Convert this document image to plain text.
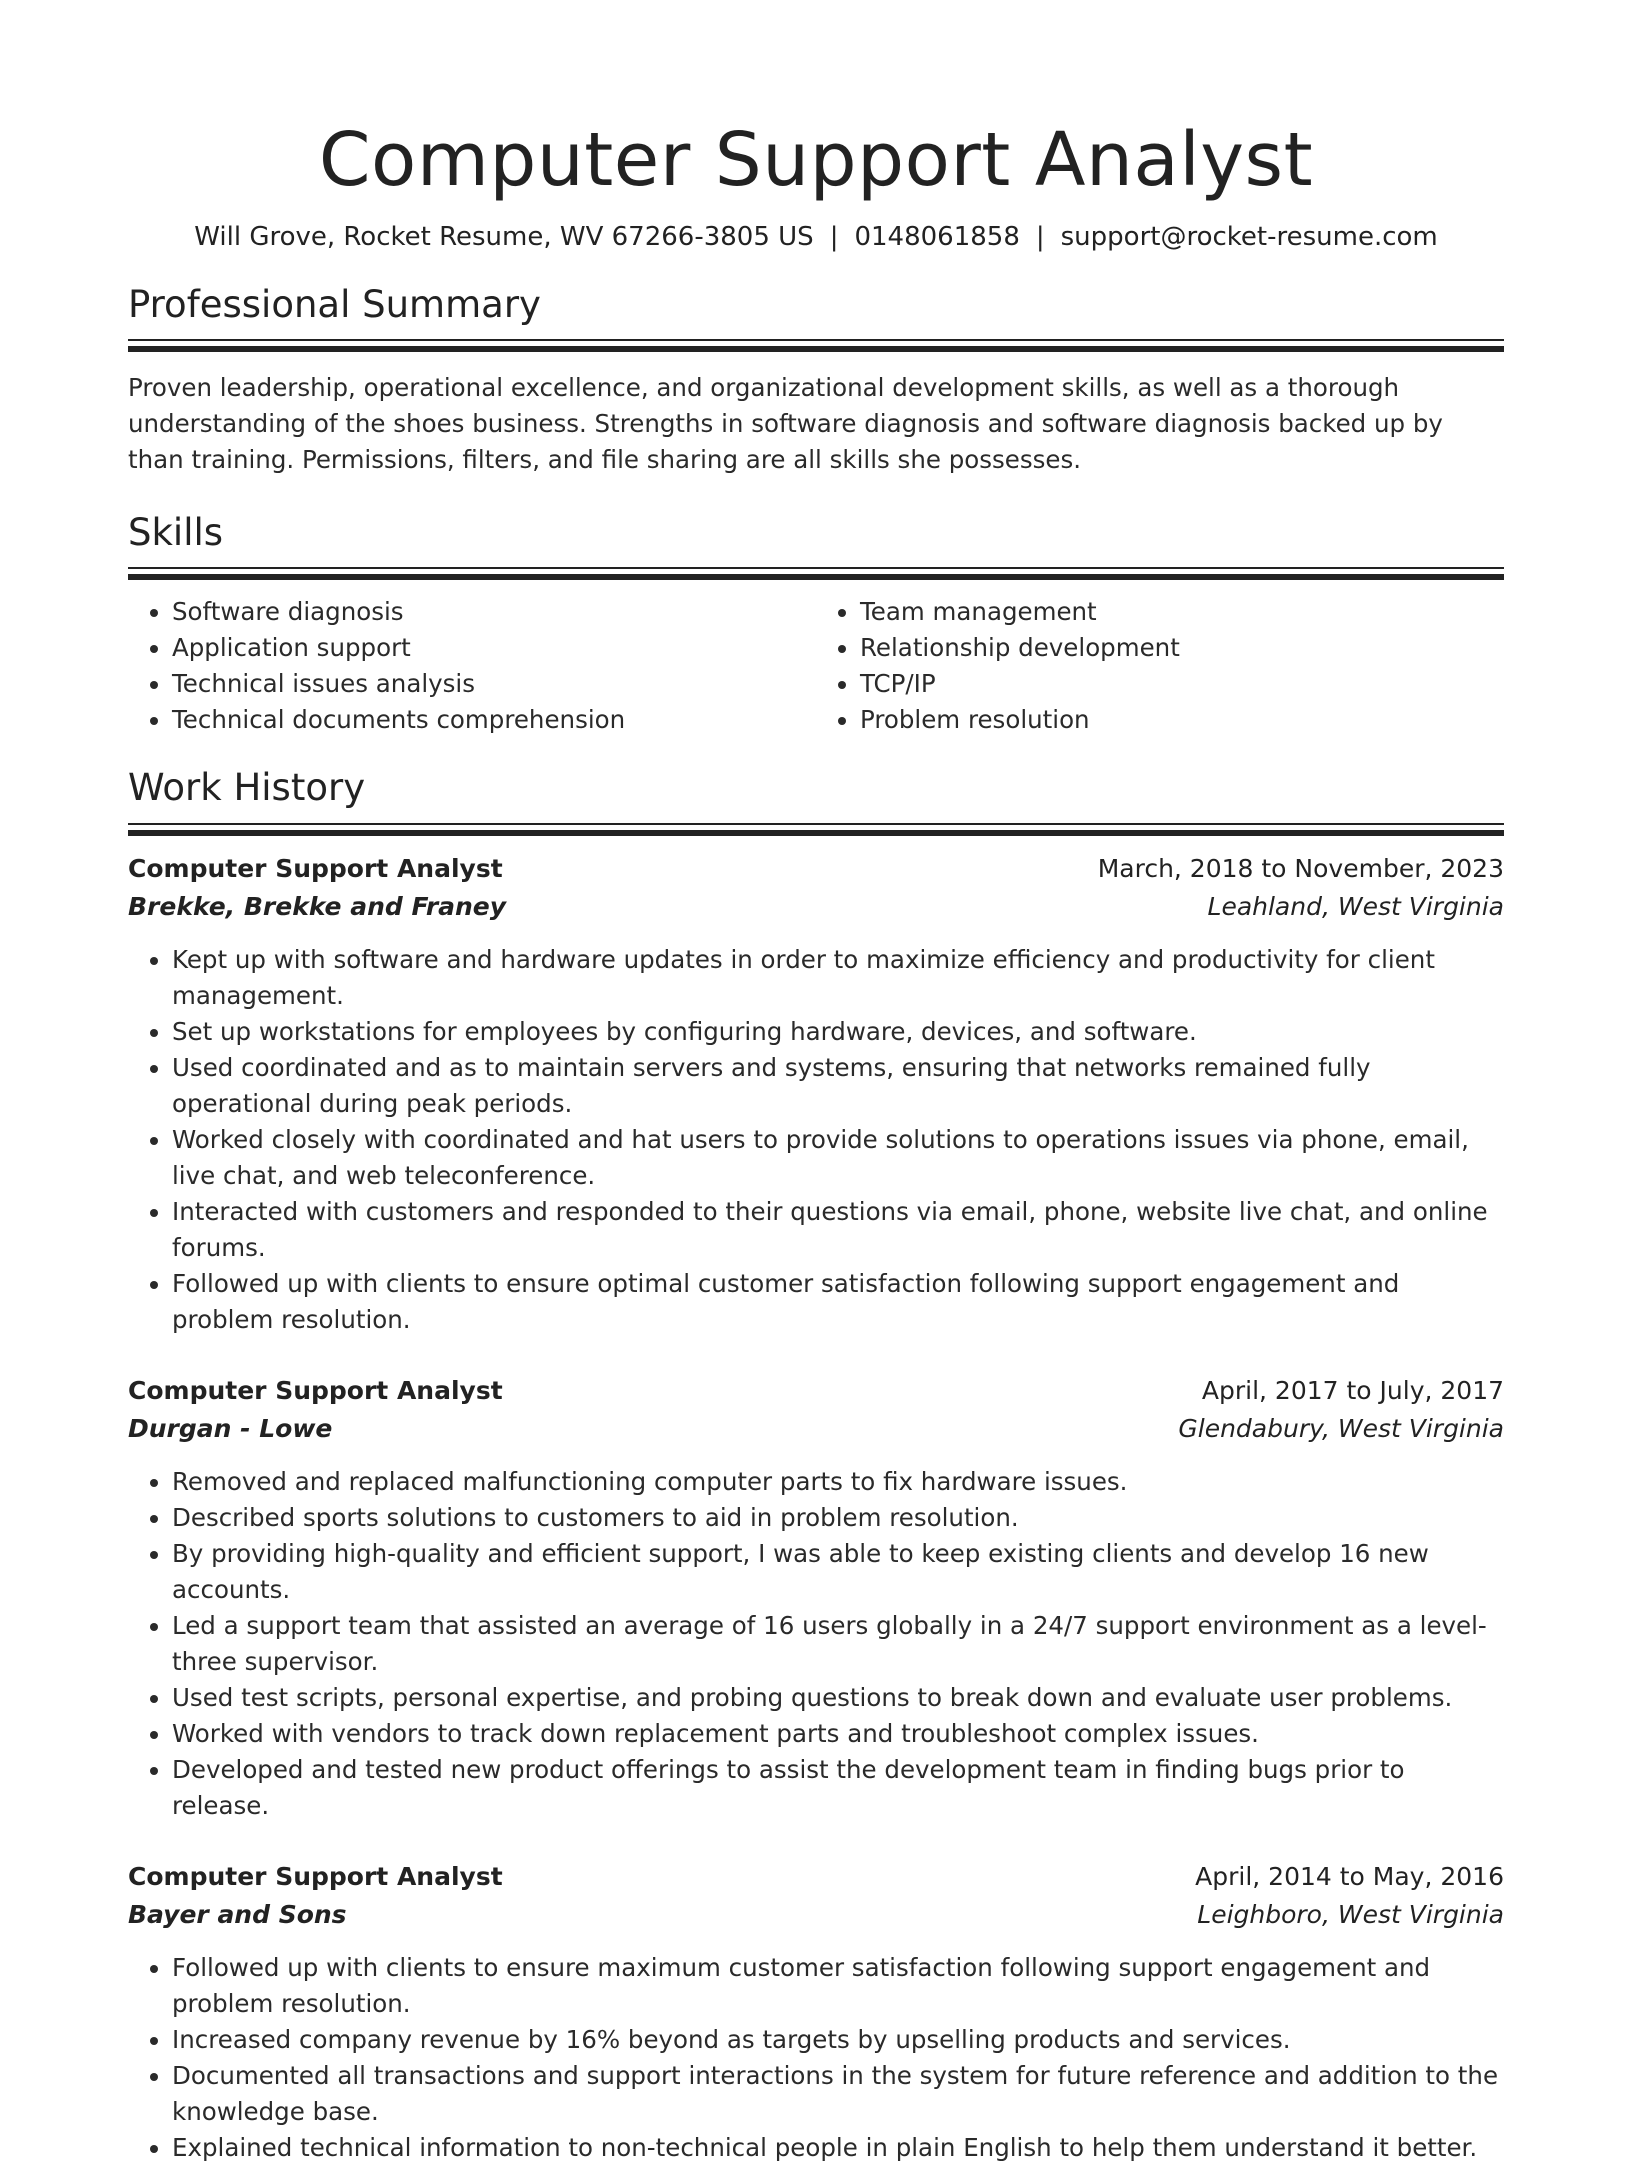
Computer Support Analyst
Will Grove, Rocket Resume, WV 67266-3805 US | 0148061858 | support@rocket-resume.com
Professional Summary

Proven leadership, operational excellence, and organizational development skills, as well as a thorough understanding of the shoes business. Strengths in software diagnosis and software diagnosis backed up by than training. Permissions, filters, and file sharing are all skills she possesses.

Skills
• Software diagnosis
• Application support
• Technical issues analysis
• Technical documents comprehension
• Team management
• Relationship development
• TCP/IP
• Problem resolution
Work History
Computer Support Analyst	March, 2018 to November, 2023
Brekke, Brekke and Franey	Leahland, West Virginia
• Kept up with software and hardware updates in order to maximize efficiency and productivity for client management.
• Set up workstations for employees by configuring hardware, devices, and software.
• Used coordinated and as to maintain servers and systems, ensuring that networks remained fully operational during peak periods.
• Worked closely with coordinated and hat users to provide solutions to operations issues via phone, email, live chat, and web teleconference.
• Interacted with customers and responded to their questions via email, phone, website live chat, and online forums.
• Followed up with clients to ensure optimal customer satisfaction following support engagement and problem resolution.
Computer Support Analyst	April, 2017 to July, 2017
Durgan - Lowe	Glendabury, West Virginia
• Removed and replaced malfunctioning computer parts to fix hardware issues.
• Described sports solutions to customers to aid in problem resolution.
• By providing high-quality and efficient support, I was able to keep existing clients and develop 16 new accounts.
• Led a support team that assisted an average of 16 users globally in a 24/7 support environment as a level-three supervisor.
• Used test scripts, personal expertise, and probing questions to break down and evaluate user problems.
• Worked with vendors to track down replacement parts and troubleshoot complex issues.
• Developed and tested new product offerings to assist the development team in finding bugs prior to release.
Computer Support Analyst	April, 2014 to May, 2016
Bayer and Sons	Leighboro, West Virginia
• Followed up with clients to ensure maximum customer satisfaction following support engagement and problem resolution.
• Increased company revenue by 16% beyond as targets by upselling products and services.
• Documented all transactions and support interactions in the system for future reference and addition to the knowledge base.
• Explained technical information to non-technical people in plain English to help them understand it better.
